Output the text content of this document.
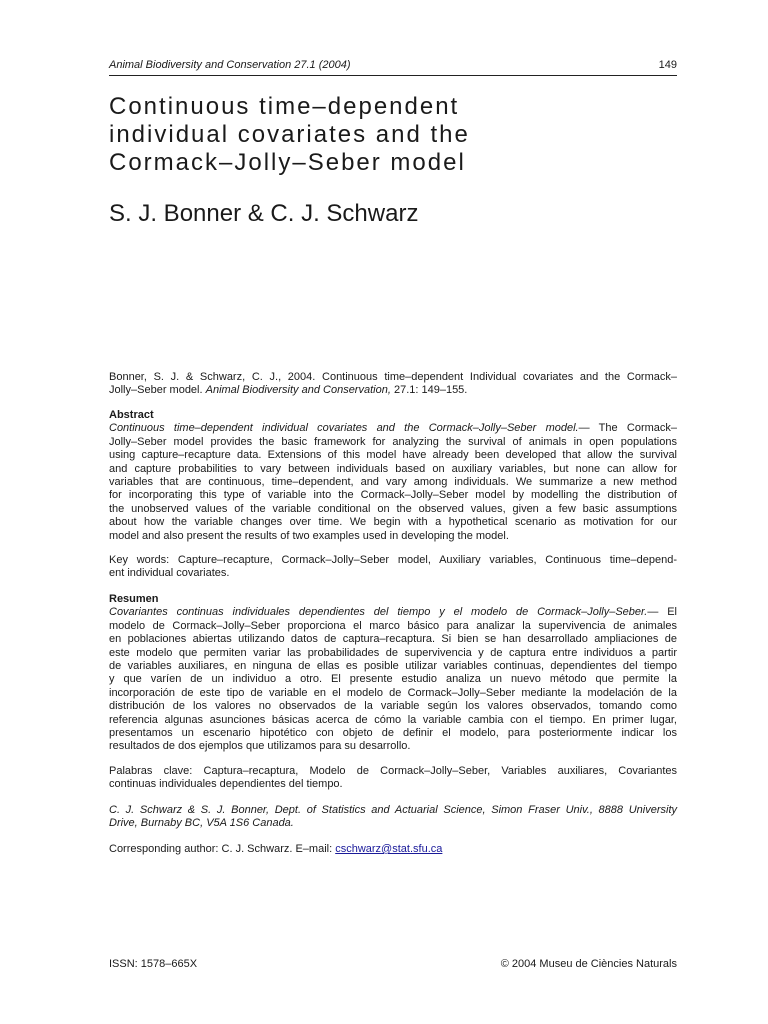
Animal Biodiversity and Conservation 27.1 (2004)	149
Continuous time–dependent
individual covariates and the
Cormack–Jolly–Seber model
S. J. Bonner & C. J. Schwarz

Bonner, S. J. & Schwarz, C. J., 2004. Continuous time–dependent Individual covariates and the Cormack–
Jolly–Seber model. Animal Biodiversity and Conservation, 27.1: 149–155.

Abstract

Continuous time–dependent individual covariates and the Cormack–Jolly–Seber model.— The Cormack–
Jolly–Seber model provides the basic framework for analyzing the survival of animals in open populations
using capture–recapture data. Extensions of this model have already been developed that allow the survival
and capture probabilities to vary between individuals based on auxiliary variables, but none can allow for
variables that are continuous, time–dependent, and vary among individuals. We summarize a new method
for incorporating this type of variable into the Cormack–Jolly–Seber model by modelling the distribution of
the unobserved values of the variable conditional on the observed values, given a few basic assumptions
about how the variable changes over time. We begin with a hypothetical scenario as motivation for our
model and also present the results of two examples used in developing the model.

Key words: Capture–recapture, Cormack–Jolly–Seber model, Auxiliary variables, Continuous time–depend-
ent individual covariates.

Resumen

Covariantes continuas individuales dependientes del tiempo y el modelo de Cormack–Jolly–Seber.— El
modelo de Cormack–Jolly–Seber proporciona el marco básico para analizar la supervivencia de animales
en poblaciones abiertas utilizando datos de captura–recaptura. Si bien se han desarrollado ampliaciones de
este modelo que permiten variar las probabilidades de supervivencia y de captura entre individuos a partir
de variables auxiliares, en ninguna de ellas es posible utilizar variables continuas, dependientes del tiempo
y que varíen de un individuo a otro. El presente estudio analiza un nuevo método que permite la
incorporación de este tipo de variable en el modelo de Cormack–Jolly–Seber mediante la modelación de la
distribución de los valores no observados de la variable según los valores observados, tomando como
referencia algunas asunciones básicas acerca de cómo la variable cambia con el tiempo. En primer lugar,
presentamos un escenario hipotético con objeto de definir el modelo, para posteriormente indicar los
resultados de dos ejemplos que utilizamos para su desarrollo.

Palabras clave: Captura–recaptura, Modelo de Cormack–Jolly–Seber, Variables auxiliares, Covariantes
continuas individuales dependientes del tiempo.

C. J. Schwarz & S. J. Bonner, Dept. of Statistics and Actuarial Science, Simon Fraser Univ., 8888 University
Drive, Burnaby BC, V5A 1S6 Canada.

Corresponding author: C. J. Schwarz. E–mail: cschwarz@stat.sfu.ca

ISSN: 1578–665X	© 2004 Museu de Ciències Naturals
